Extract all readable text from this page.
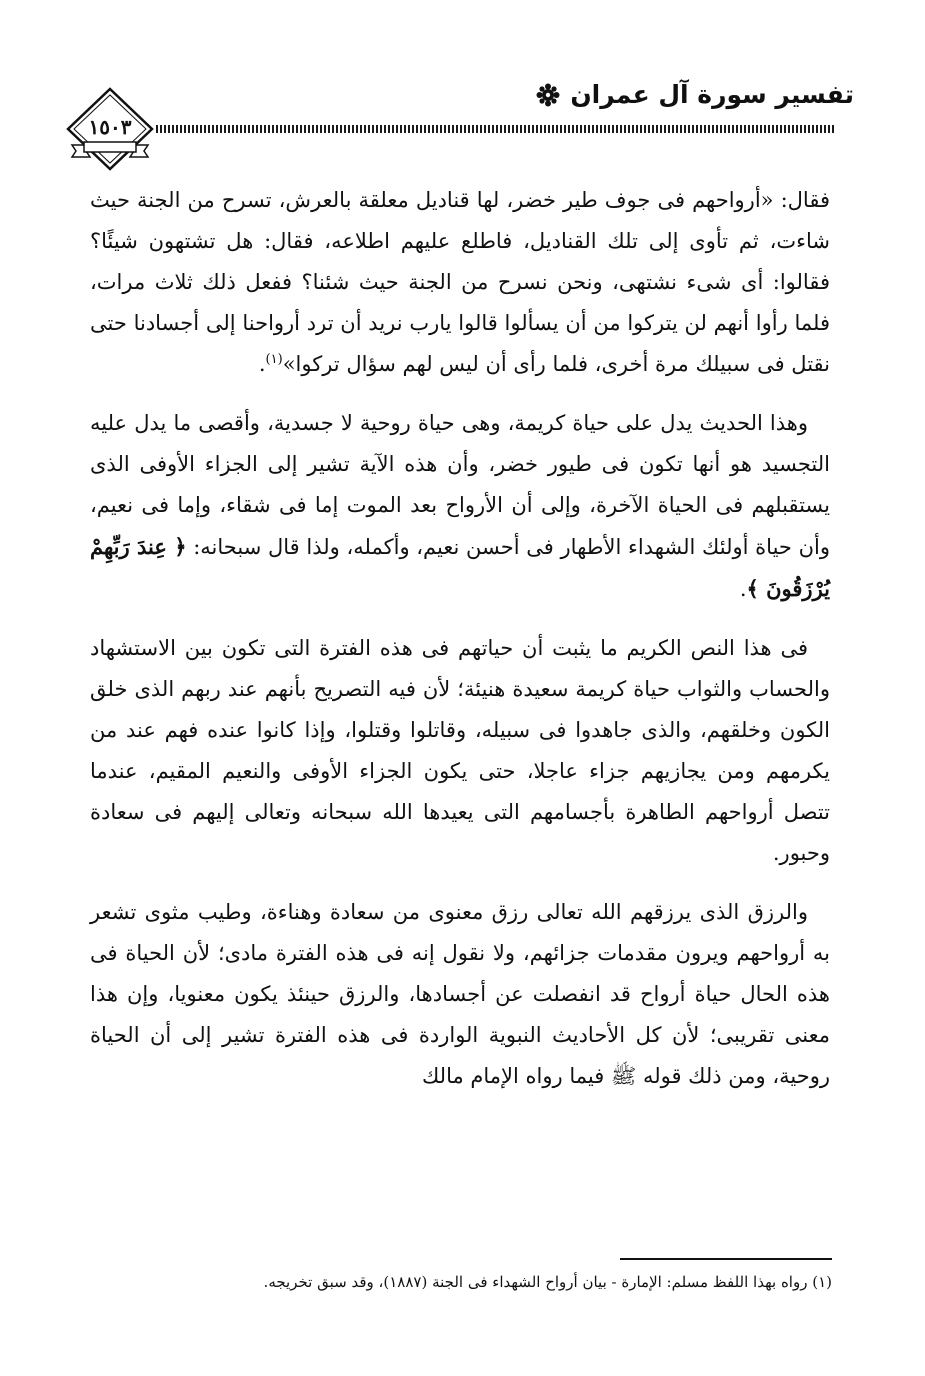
تفسير سورة آل عمران
١٥٠٣

فقال: «أرواحهم فى جوف طير خضر، لها قناديل معلقة بالعرش، تسرح من الجنة حيث شاءت، ثم تأوى إلى تلك القناديل، فاطلع عليهم اطلاعه، فقال: هل تشتهون شيئًا؟ فقالوا: أى شىء نشتهى، ونحن نسرح من الجنة حيث شئنا؟ ففعل ذلك ثلاث مرات، فلما رأوا أنهم لن يتركوا من أن يسألوا قالوا يارب نريد أن ترد أرواحنا إلى أجسادنا حتى نقتل فى سبيلك مرة أخرى، فلما رأى أن ليس لهم سؤال تركوا»$^{(١)}$.

وهذا الحديث يدل على حياة كريمة، وهى حياة روحية لا جسدية، وأقصى ما يدل عليه التجسيد هو أنها تكون فى طيور خضر، وأن هذه الآية تشير إلى الجزاء الأوفى الذى يستقبلهم فى الحياة الآخرة، وإلى أن الأرواح بعد الموت إما فى شقاء، وإما فى نعيم، وأن حياة أولئك الشهداء الأطهار فى أحسن نعيم، وأكمله، ولذا قال سبحانه: ﴿ عِندَ رَبِّهِمْ يُرْزَقُونَ ﴾.

فى هذا النص الكريم ما يثبت أن حياتهم فى هذه الفترة التى تكون بين الاستشهاد والحساب والثواب حياة كريمة سعيدة هنيئة؛ لأن فيه التصريح بأنهم عند ربهم الذى خلق الكون وخلقهم، والذى جاهدوا فى سبيله، وقاتلوا وقتلوا، وإذا كانوا عنده فهم عند من يكرمهم ومن يجازيهم جزاء عاجلا، حتى يكون الجزاء الأوفى والنعيم المقيم، عندما تتصل أرواحهم الطاهرة بأجسامهم التى يعيدها الله سبحانه وتعالى إليهم فى سعادة وحبور.

والرزق الذى يرزقهم الله تعالى رزق معنوى من سعادة وهناءة، وطيب مثوى تشعر به أرواحهم ويرون مقدمات جزائهم، ولا نقول إنه فى هذه الفترة مادى؛ لأن الحياة فى هذه الحال حياة أرواح قد انفصلت عن أجسادها، والرزق حينئذ يكون معنويا، وإن هذا معنى تقريبى؛ لأن كل الأحاديث النبوية الواردة فى هذه الفترة تشير إلى أن الحياة روحية، ومن ذلك قوله ﷺ فيما رواه الإمام مالك

(١) رواه بهذا اللفظ مسلم: الإمارة - بيان أرواح الشهداء فى الجنة (١٨٨٧)، وقد سبق تخريجه.
